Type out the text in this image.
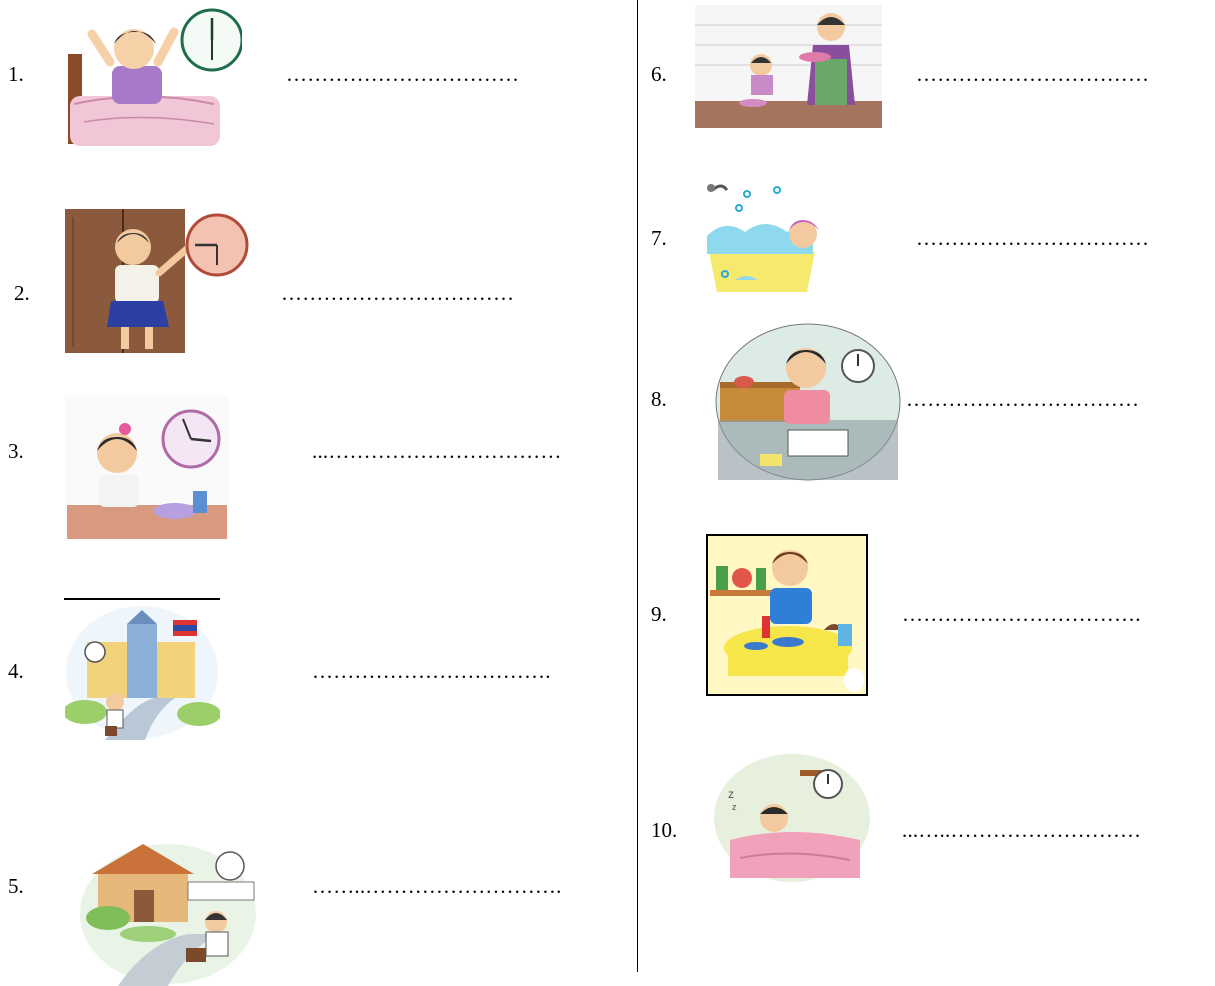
1.	……………………………
2.	……………………………
3.	...……………………………
4.	…………………………….
5.	……..……………………….
6.	……………………………
7.	……………………………
8.	……………………………
9.	…………………………….
10.
z
z
...…..………………………
